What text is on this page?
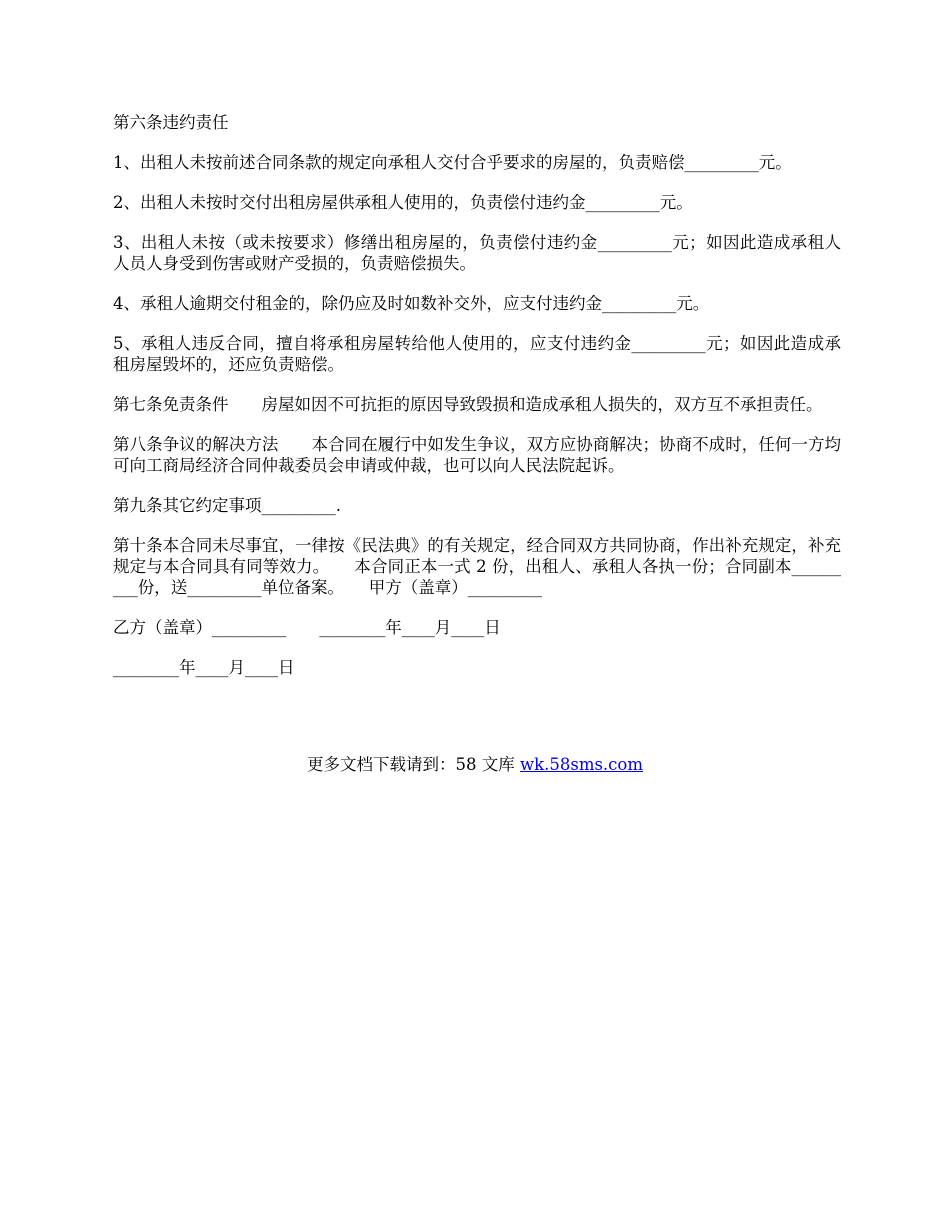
第六条违约责任

1、出租人未按前述合同条款的规定向承租人交付合乎要求的房屋的，负责赔偿_________元。

2、出租人未按时交付出租房屋供承租人使用的，负责偿付违约金_________元。

3、出租人未按（或未按要求）修缮出租房屋的，负责偿付违约金_________元；如因此造成承租人人员人身受到伤害或财产受损的，负责赔偿损失。

4、承租人逾期交付租金的，除仍应及时如数补交外，应支付违约金_________元。

5、承租人违反合同，擅自将承租房屋转给他人使用的，应支付违约金_________元；如因此造成承租房屋毁坏的，还应负责赔偿。

第七条免责条件　　房屋如因不可抗拒的原因导致毁损和造成承租人损失的，双方互不承担责任。

第八条争议的解决方法　　本合同在履行中如发生争议，双方应协商解决；协商不成时，任何一方均可向工商局经济合同仲裁委员会申请或仲裁，也可以向人民法院起诉。

第九条其它约定事项_________.

第十条本合同未尽事宜，一律按《民法典》的有关规定，经合同双方共同协商，作出补充规定，补充规定与本合同具有同等效力。　　本合同正本一式 2 份，出租人、承租人各执一份；合同副本_________份，送_________单位备案。　　甲方（盖章）_________

乙方（盖章）_________　　________年____月____日

________年____月____日

更多文档下载请到：58 文库 wk.58sms.com
